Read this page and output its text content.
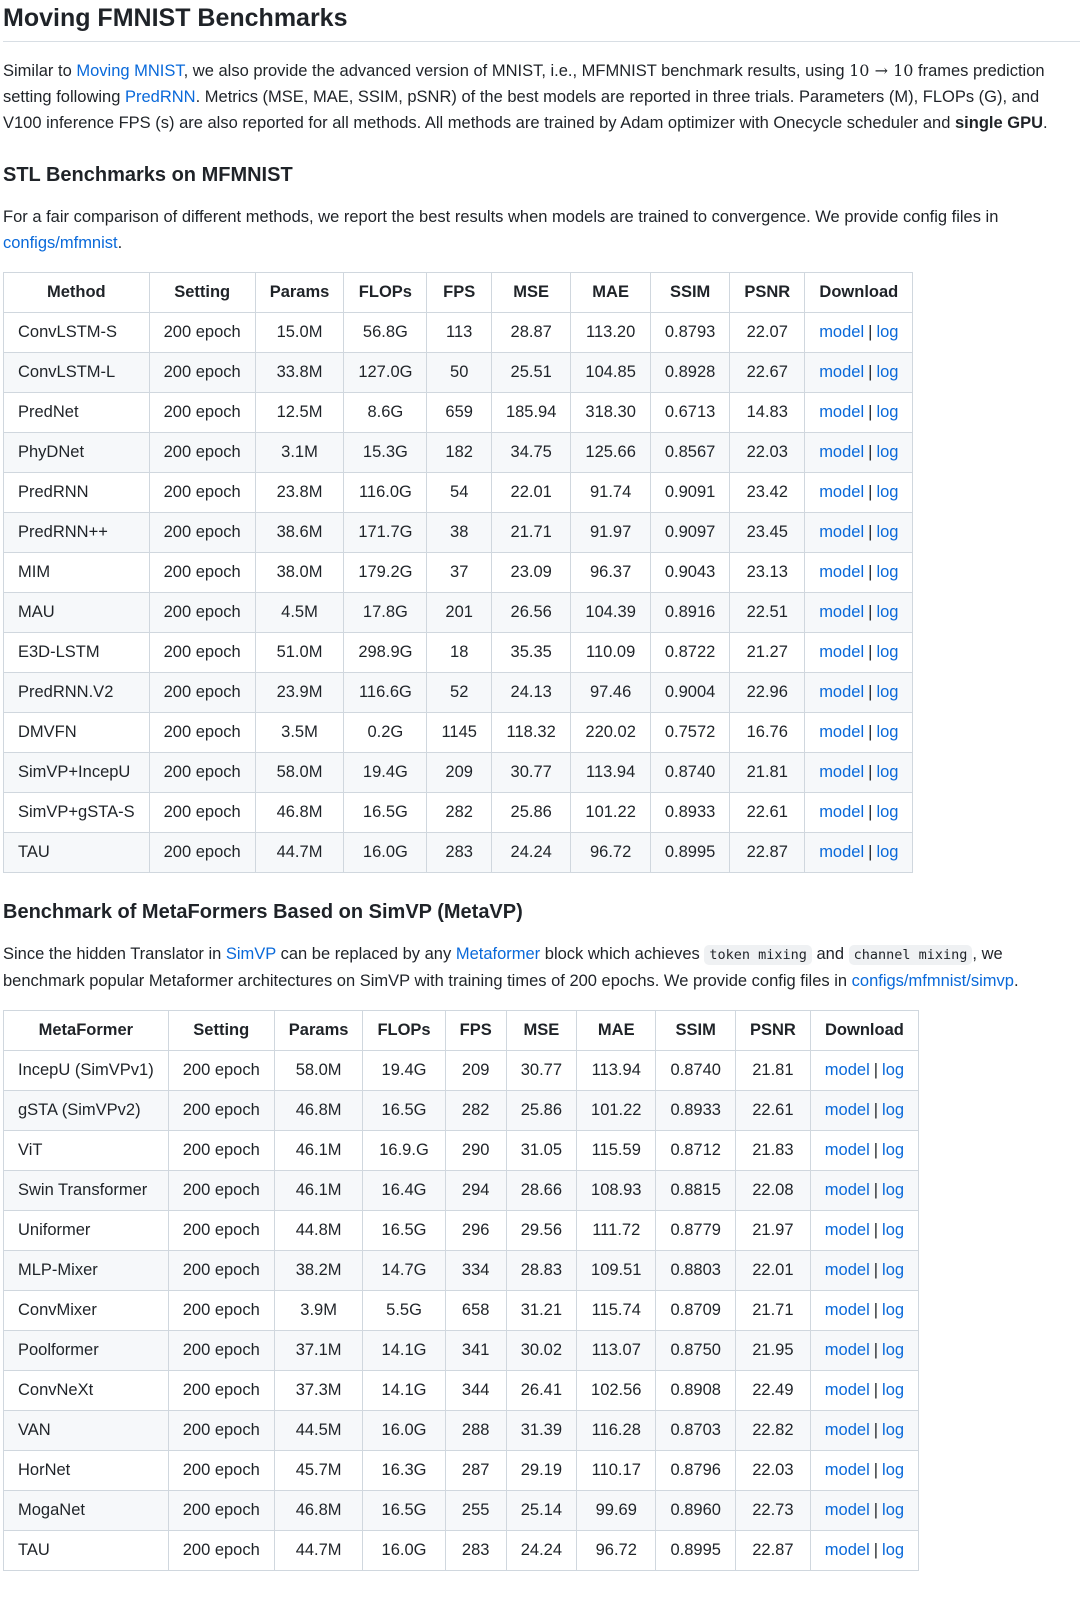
Moving FMNIST Benchmarks

Similar to Moving MNIST, we also provide the advanced version of MNIST, i.e., MFMNIST benchmark results, using 10 → 10 frames prediction setting following PredRNN. Metrics (MSE, MAE, SSIM, pSNR) of the best models are reported in three trials. Parameters (M), FLOPs (G), and V100 inference FPS (s) are also reported for all methods. All methods are trained by Adam optimizer with Onecycle scheduler and single GPU.

STL Benchmarks on MFMNIST

For a fair comparison of different methods, we report the best results when models are trained to convergence. We provide config files in configs/mfmnist.

Method	Setting	Params	FLOPs	FPS	MSE	MAE	SSIM	PSNR	Download
ConvLSTM-S	200 epoch	15.0M	56.8G	113	28.87	113.20	0.8793	22.07	model | log
ConvLSTM-L	200 epoch	33.8M	127.0G	50	25.51	104.85	0.8928	22.67	model | log
PredNet	200 epoch	12.5M	8.6G	659	185.94	318.30	0.6713	14.83	model | log
PhyDNet	200 epoch	3.1M	15.3G	182	34.75	125.66	0.8567	22.03	model | log
PredRNN	200 epoch	23.8M	116.0G	54	22.01	91.74	0.9091	23.42	model | log
PredRNN++	200 epoch	38.6M	171.7G	38	21.71	91.97	0.9097	23.45	model | log
MIM	200 epoch	38.0M	179.2G	37	23.09	96.37	0.9043	23.13	model | log
MAU	200 epoch	4.5M	17.8G	201	26.56	104.39	0.8916	22.51	model | log
E3D-LSTM	200 epoch	51.0M	298.9G	18	35.35	110.09	0.8722	21.27	model | log
PredRNN.V2	200 epoch	23.9M	116.6G	52	24.13	97.46	0.9004	22.96	model | log
DMVFN	200 epoch	3.5M	0.2G	1145	118.32	220.02	0.7572	16.76	model | log
SimVP+IncepU	200 epoch	58.0M	19.4G	209	30.77	113.94	0.8740	21.81	model | log
SimVP+gSTA-S	200 epoch	46.8M	16.5G	282	25.86	101.22	0.8933	22.61	model | log
TAU	200 epoch	44.7M	16.0G	283	24.24	96.72	0.8995	22.87	model | log
Benchmark of MetaFormers Based on SimVP (MetaVP)

Since the hidden Translator in SimVP can be replaced by any Metaformer block which achieves token mixing and channel mixing , we benchmark popular Metaformer architectures on SimVP with training times of 200 epochs. We provide config files in configs/mfmnist/simvp.

MetaFormer	Setting	Params	FLOPs	FPS	MSE	MAE	SSIM	PSNR	Download
IncepU (SimVPv1)	200 epoch	58.0M	19.4G	209	30.77	113.94	0.8740	21.81	model | log
gSTA (SimVPv2)	200 epoch	46.8M	16.5G	282	25.86	101.22	0.8933	22.61	model | log
ViT	200 epoch	46.1M	16.9.G	290	31.05	115.59	0.8712	21.83	model | log
Swin Transformer	200 epoch	46.1M	16.4G	294	28.66	108.93	0.8815	22.08	model | log
Uniformer	200 epoch	44.8M	16.5G	296	29.56	111.72	0.8779	21.97	model | log
MLP-Mixer	200 epoch	38.2M	14.7G	334	28.83	109.51	0.8803	22.01	model | log
ConvMixer	200 epoch	3.9M	5.5G	658	31.21	115.74	0.8709	21.71	model | log
Poolformer	200 epoch	37.1M	14.1G	341	30.02	113.07	0.8750	21.95	model | log
ConvNeXt	200 epoch	37.3M	14.1G	344	26.41	102.56	0.8908	22.49	model | log
VAN	200 epoch	44.5M	16.0G	288	31.39	116.28	0.8703	22.82	model | log
HorNet	200 epoch	45.7M	16.3G	287	29.19	110.17	0.8796	22.03	model | log
MogaNet	200 epoch	46.8M	16.5G	255	25.14	99.69	0.8960	22.73	model | log
TAU	200 epoch	44.7M	16.0G	283	24.24	96.72	0.8995	22.87	model | log
